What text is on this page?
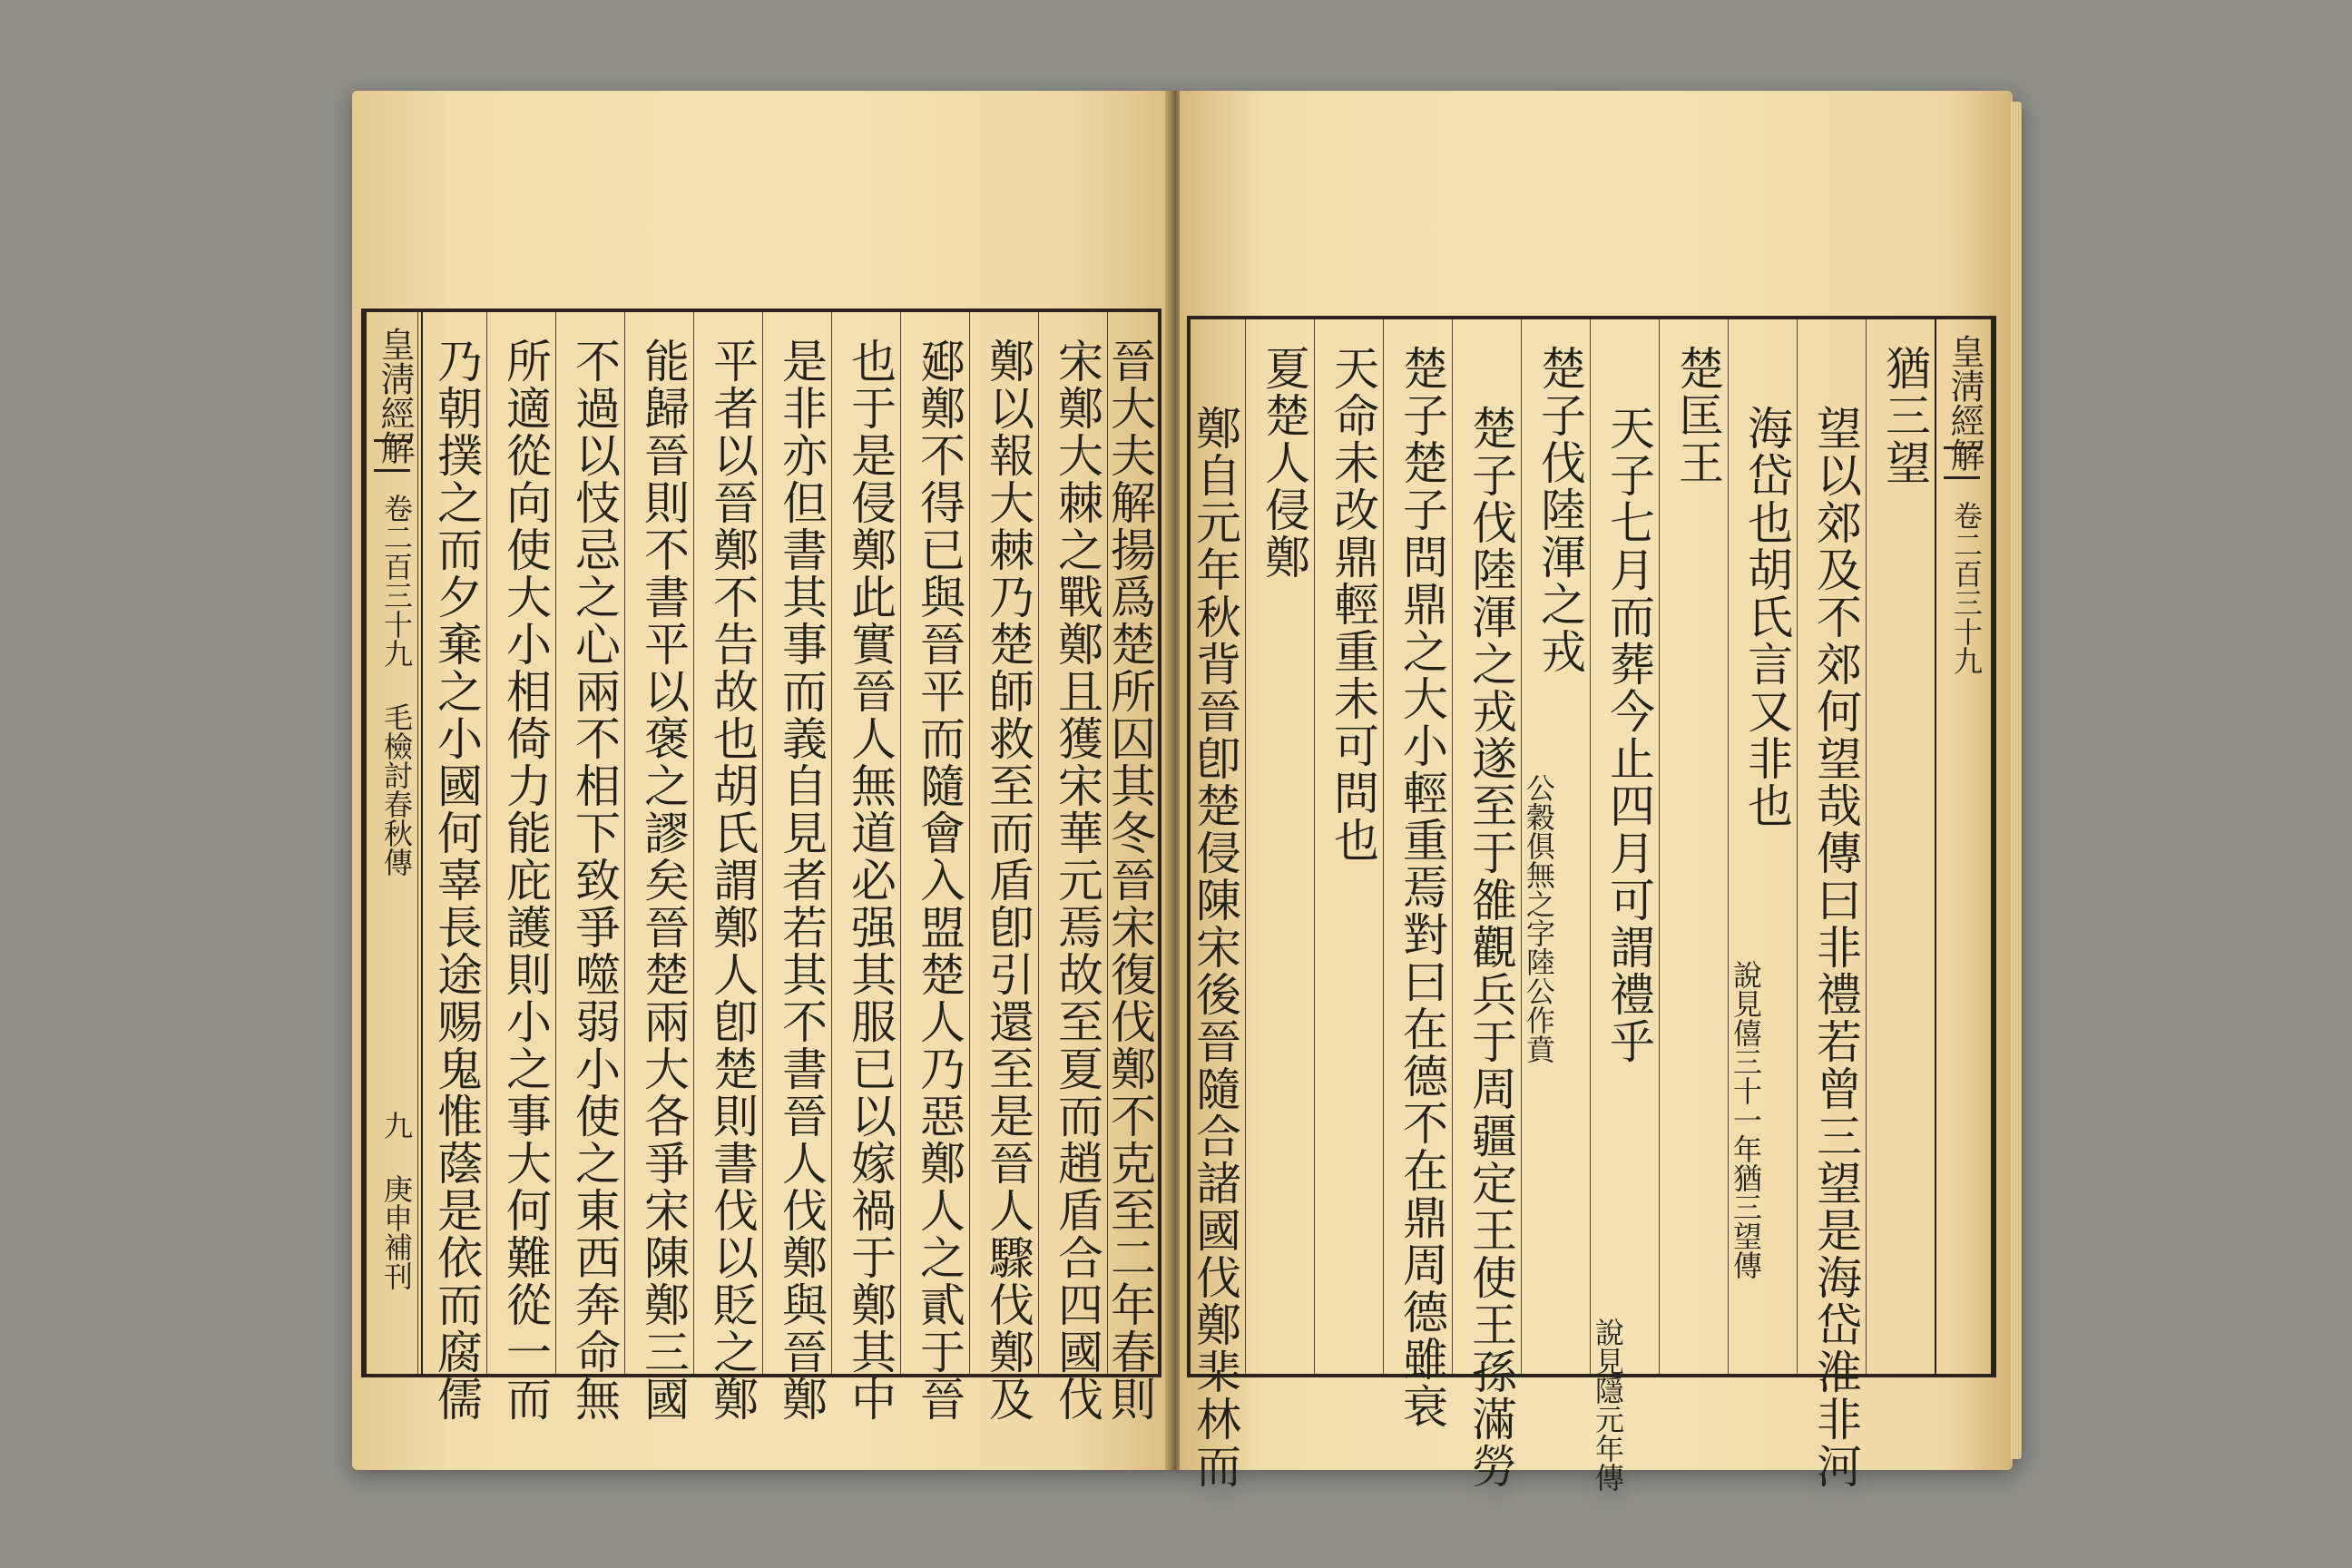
晉大夫解揚爲楚所囚其冬晉宋復伐鄭不克至二年春則
宋鄭大棘之戰鄭且獲宋華元焉故至夏而趙盾合四國伐
鄭以報大棘乃楚師救至而盾卽引還至是晉人驟伐鄭及
郔鄭不得已與晉平而隨會入盟楚人乃惡鄭人之貳于晉
也于是侵鄭此實晉人無道必强其服已以嫁禍于鄭其中
是非亦但書其事而義自見者若其不書晉人伐鄭與晉鄭
平者以晉鄭不告故也胡氏謂鄭人卽楚則書伐以貶之鄭
能歸晉則不書平以褒之謬矣晉楚兩大各爭宋陳鄭三國
不過以忮忌之心兩不相下致爭噬弱小使之東西奔命無
所適從向使大小相倚力能庇護則小之事大何難從一而
乃朝撲之而夕棄之小國何辜長途赐鬼惟蔭是依而腐儒
皇淸經解
卷二百三十九 毛檢討春秋傳
九 庚申補刊
皇淸經解
卷二百三十九
猶三望
望以郊及不郊何望哉傳曰非禮若曾三望是海岱淮非河
海岱也胡氏言又非也
說見僖三十一年猶三望傳
楚匡王
天子七月而葬今止四月可謂禮乎
說見隱元年傳
楚子伐陸渾之戎
公穀俱無之字陸公作賁
楚子伐陸渾之戎遂至于雒觀兵于周疆定王使王孫滿勞
楚子楚子問鼎之大小輕重焉對曰在德不在鼎周德雖衰
天命未改鼎輕重未可問也
夏楚人侵鄭
鄭自元年秋背晉卽楚侵陳宋後晉隨合諸國伐鄭棐林而
